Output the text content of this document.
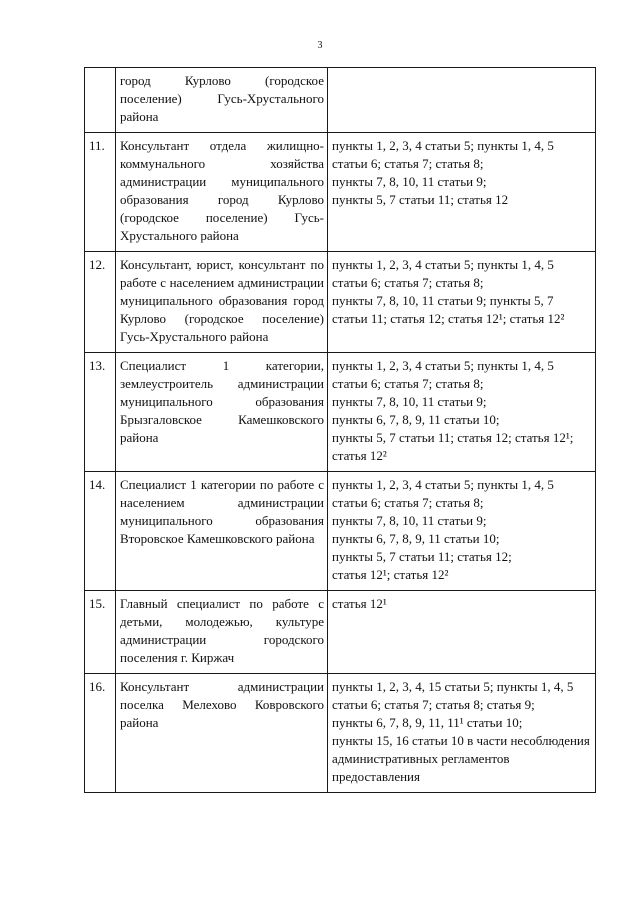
3
	город Курлово (городское поселение) Гусь-Хрустального района	
11.	Консультант отдела жилищно-коммунального хозяйства администрации муниципального образования город Курлово (городское поселение) Гусь-Хрустального района	пункты 1, 2, 3, 4 статьи 5; пункты 1, 4, 5 статьи 6; статья 7; статья 8;
пункты 7, 8, 10, 11 статьи 9;
пункты 5, 7 статьи 11; статья 12

12.	Консультант, юрист, консультант по работе с населением администрации муниципального образования город Курлово (городское поселение) Гусь-Хрустального района	пункты 1, 2, 3, 4 статьи 5; пункты 1, 4, 5 статьи 6; статья 7; статья 8;
пункты 7, 8, 10, 11 статьи 9; пункты 5, 7 статьи 11; статья 12; статья 12¹; статья 12²

13.	Специалист 1 категории, землеустроитель администрации муниципального образования Брызгаловское Камешковского района	пункты 1, 2, 3, 4 статьи 5; пункты 1, 4, 5 статьи 6; статья 7; статья 8;
пункты 7, 8, 10, 11 статьи 9;
пункты 6, 7, 8, 9, 11 статьи 10;
пункты 5, 7 статьи 11; статья 12; статья 12¹; статья 12²

14.	Специалист 1 категории по работе с населением администрации муниципального образования Второвское Камешковского района	пункты 1, 2, 3, 4 статьи 5; пункты 1, 4, 5 статьи 6; статья 7; статья 8;
пункты 7, 8, 10, 11 статьи 9;
пункты 6, 7, 8, 9, 11 статьи 10;
пункты 5, 7 статьи 11; статья 12;
статья 12¹; статья 12²

15.	Главный специалист по работе с детьми, молодежью, культуре администрации городского поселения г. Киржач	статья 12¹

16.	Консультант администрации поселка Мелехово Ковровского района	пункты 1, 2, 3, 4, 15 статьи 5; пункты 1, 4, 5 статьи 6; статья 7; статья 8; статья 9;
пункты 6, 7, 8, 9, 11, 11¹ статьи 10;
пункты 15, 16 статьи 10 в части несоблюдения административных регламентов предоставления
